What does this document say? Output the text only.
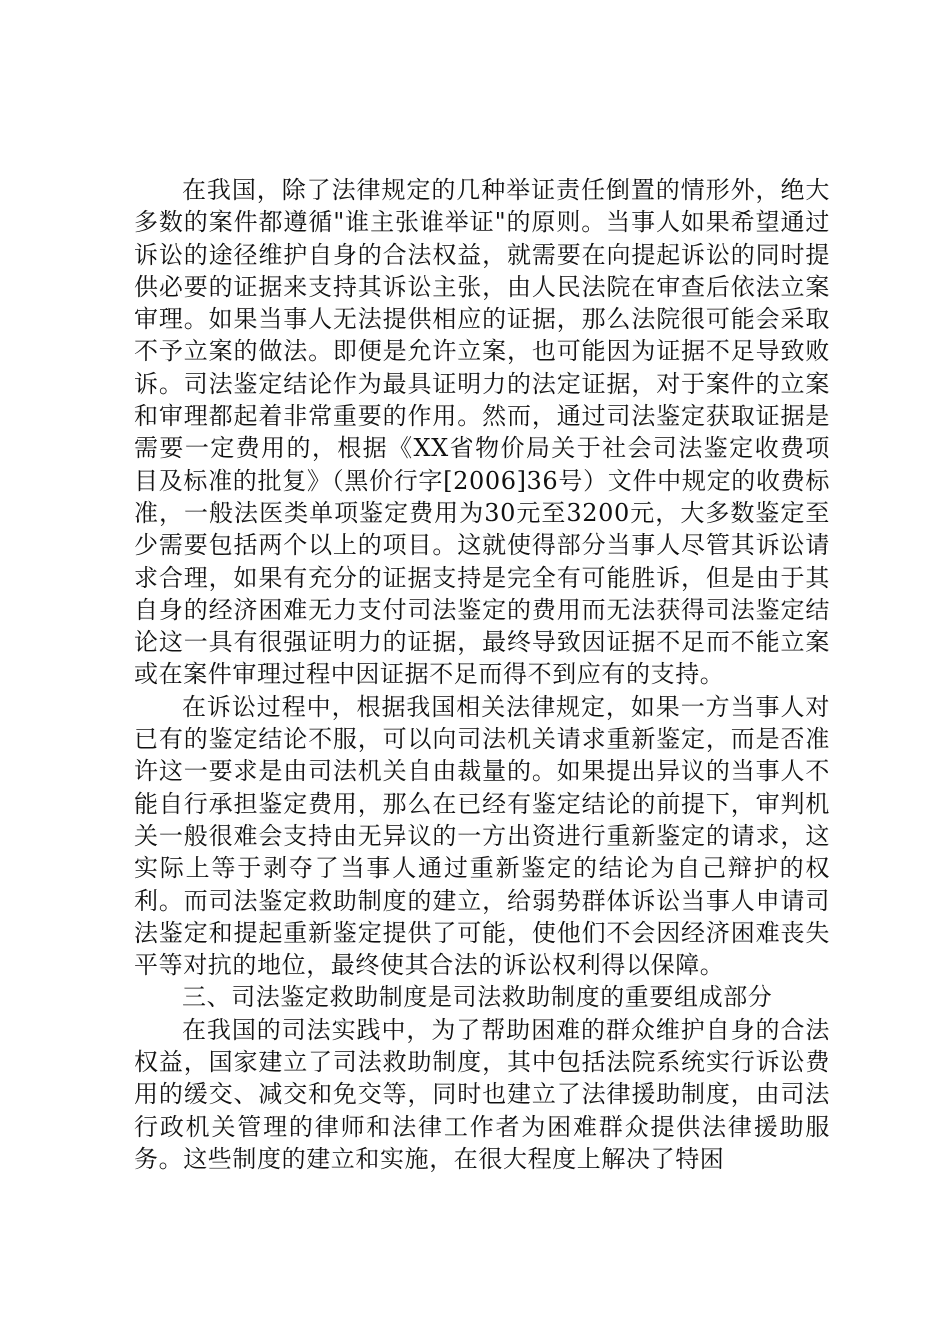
在我国，除了法律规定的几种举证责任倒置的情形外，绝大多数的案件都遵循"谁主张谁举证"的原则。当事人如果希望通过诉讼的途径维护自身的合法权益，就需要在向提起诉讼的同时提供必要的证据来支持其诉讼主张，由人民法院在审查后依法立案审理。如果当事人无法提供相应的证据，那么法院很可能会采取不予立案的做法。即便是允许立案，也可能因为证据不足导致败诉。司法鉴定结论作为最具证明力的法定证据，对于案件的立案和审理都起着非常重要的作用。然而，通过司法鉴定获取证据是需要一定费用的，根据《XX省物价局关于社会司法鉴定收费项目及标准的批复》（黑价行字[2006]36号）文件中规定的收费标准，一般法医类单项鉴定费用为30元至3200元，大多数鉴定至少需要包括两个以上的项目。这就使得部分当事人尽管其诉讼请求合理，如果有充分的证据支持是完全有可能胜诉，但是由于其自身的经济困难无力支付司法鉴定的费用而无法获得司法鉴定结论这一具有很强证明力的证据，最终导致因证据不足而不能立案或在案件审理过程中因证据不足而得不到应有的支持。

在诉讼过程中，根据我国相关法律规定，如果一方当事人对已有的鉴定结论不服，可以向司法机关请求重新鉴定，而是否准许这一要求是由司法机关自由裁量的。如果提出异议的当事人不能自行承担鉴定费用，那么在已经有鉴定结论的前提下，审判机关一般很难会支持由无异议的一方出资进行重新鉴定的请求，这实际上等于剥夺了当事人通过重新鉴定的结论为自己辩护的权利。而司法鉴定救助制度的建立，给弱势群体诉讼当事人申请司法鉴定和提起重新鉴定提供了可能，使他们不会因经济困难丧失平等对抗的地位，最终使其合法的诉讼权利得以保障。

三、司法鉴定救助制度是司法救助制度的重要组成部分

在我国的司法实践中，为了帮助困难的群众维护自身的合法权益，国家建立了司法救助制度，其中包括法院系统实行诉讼费用的缓交、减交和免交等，同时也建立了法律援助制度，由司法行政机关管理的律师和法律工作者为困难群众提供法律援助服务。这些制度的建立和实施，在很大程度上解决了特困
